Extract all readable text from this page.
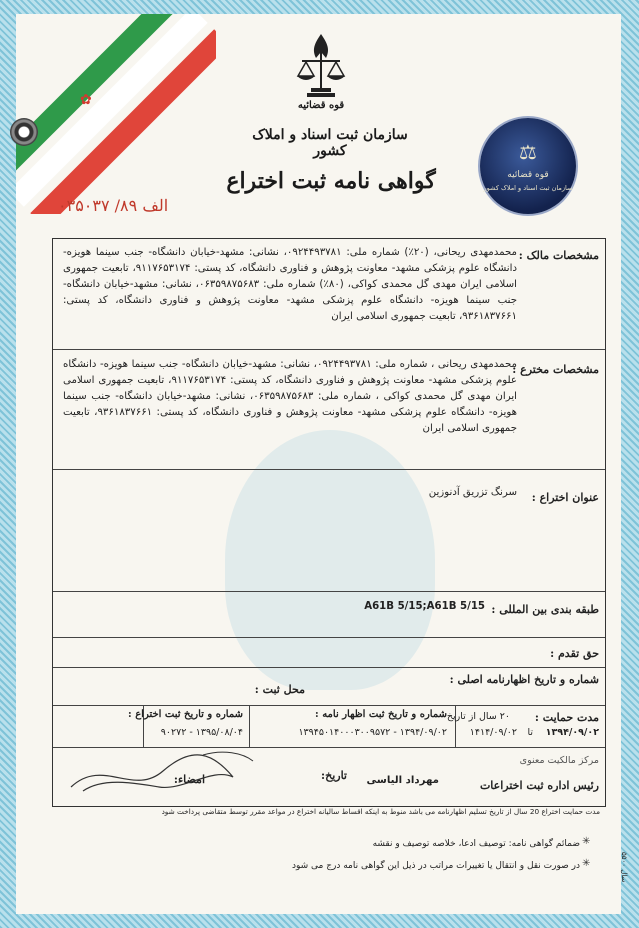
✿	قوه قضائیه
سازمان ثبت اسناد و املاک کشور
گواهی نامه ثبت اختراع
الف ۸۹/ ۰۳۵۰۳۷
⚖
قوه قضائیه
سازمان ثبت اسناد و املاک کشور
مشخصات مالک :
محمدمهدی ریحانی، (۲۰٪) شماره ملی: ۰۹۲۴۴۹۳۷۸۱، نشانی: مشهد-خیابان دانشگاه- جنب سینما هویزه- دانشگاه علوم پزشکی مشهد- معاونت پژوهش و فناوری دانشگاه، کد پستی: ۹۱۱۷۶۵۳۱۷۴، تابعیت جمهوری اسلامی ایران مهدی گل محمدی کواکی، (۸۰٪) شماره ملی: ۰۶۳۵۹۸۷۵۶۸۳، نشانی: مشهد-خیابان دانشگاه- جنب سینما هویزه- دانشگاه علوم پزشکی مشهد- معاونت پژوهش و فناوری دانشگاه، کد پستی: ۹۳۶۱۸۳۷۶۶۱، تابعیت جمهوری اسلامی ایران
مشخصات مخترع :
محمدمهدی ریحانی ، شماره ملی: ۰۹۲۴۴۹۳۷۸۱، نشانی: مشهد-خیابان دانشگاه- جنب سینما هویزه- دانشگاه علوم پزشکی مشهد- معاونت پژوهش و فناوری دانشگاه، کد پستی: ۹۱۱۷۶۵۳۱۷۴، تابعیت جمهوری اسلامی ایران مهدی گل محمدی کواکی ، شماره ملی: ۰۶۳۵۹۸۷۵۶۸۳، نشانی: مشهد-خیابان دانشگاه- جنب سینما هویزه- دانشگاه علوم پزشکی مشهد- معاونت پژوهش و فناوری دانشگاه، کد پستی: ۹۳۶۱۸۳۷۶۶۱، تابعیت جمهوری اسلامی ایران
عنوان اختراع :
سرنگ تزریق آدنوزین
طبقه بندی بین المللی :
A61B 5/15;A61B 5/15
حق تقدم :
شماره و تاریخ اظهارنامه اصلی :
محل ثبت :
مدت حمایت :
۲۰ سال از تاریخ
۱۳۹۴/۰۹/۰۲
تا
۱۴۱۴/۰۹/۰۲
شماره و تاریخ ثبت اظهار نامه :
۱۳۹۴/۰۹/۰۲ - ۱۳۹۴۵۰۱۴۰۰۰۳۰۰۹۵۷۲
شماره و تاریخ ثبت اختراع :
۱۳۹۵/۰۸/۰۴ - ۹۰۲۷۲
رئیس اداره ثبت اختراعات
مرکز مالکیت معنوی
مهرداد الیاسی
تاریخ:
امضاء:
مدت حمایت اختراع 20 سال از تاریخ تسلیم اظهارنامه می باشد منوط به اینکه اقساط سالیانه اختراع در مواعد مقرر توسط متقاضی پرداخت شود
ضمائم گواهی نامه: توصیف ادعا، خلاصه توصیف و نقشه
در صورت نقل و انتقال یا تغییرات مراتب در ذیل این گواهی نامه درج می شود
✳
✳	سال ۵۵۰۰
